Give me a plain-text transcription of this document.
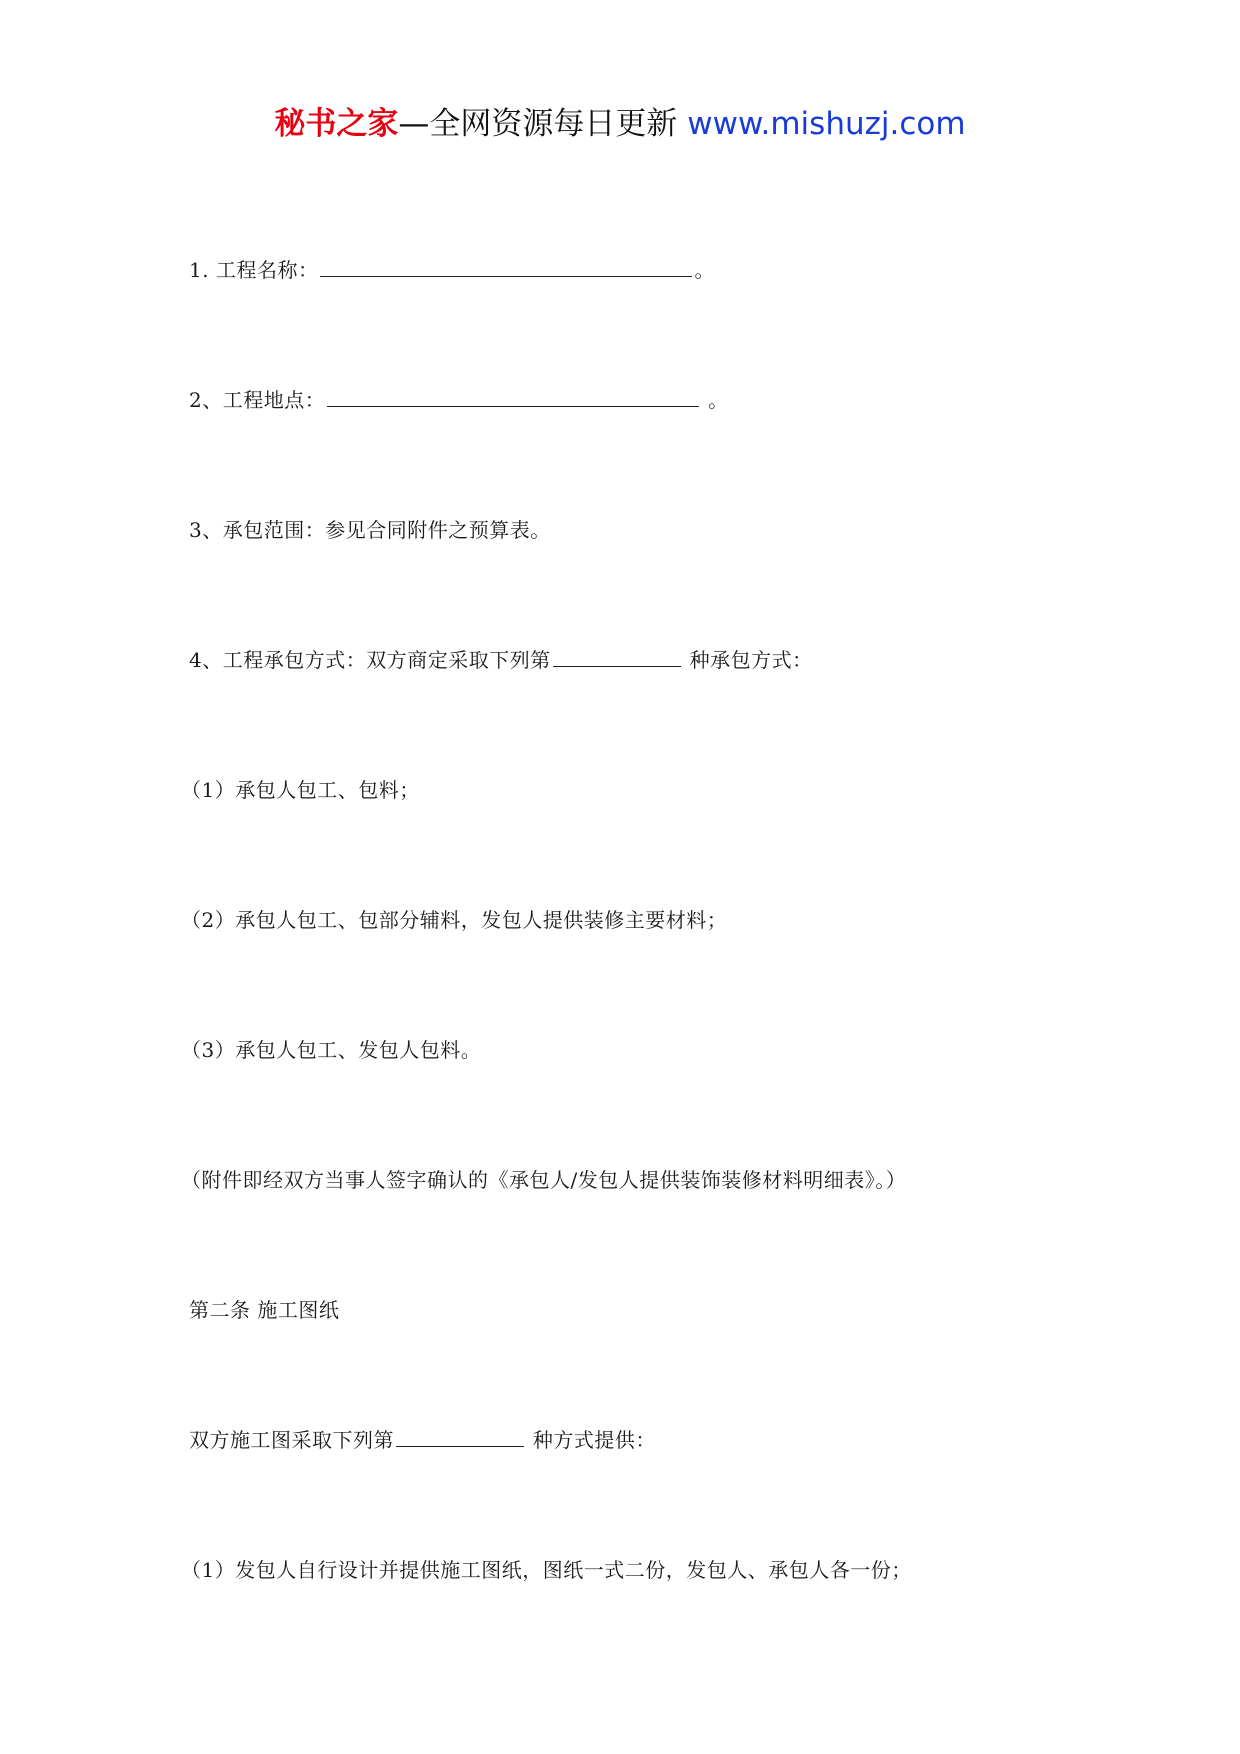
秘书之家—全网资源每日更新 www.mishuzj.com
1. 工程名称：	。
2、工程地点：	。
3、承包范围：参见合同附件之预算表。
4、工程承包方式：双方商定采取下列第	种承包方式：
（1）承包人包工、包料；
（2）承包人包工、包部分辅料，发包人提供装修主要材料；
（3）承包人包工、发包人包料。
（附件即经双方当事人签字确认的《承包人/发包人提供装饰装修材料明细表》。）
第二条 施工图纸
双方施工图采取下列第	种方式提供：
（1）发包人自行设计并提供施工图纸，图纸一式二份，发包人、承包人各一份；
